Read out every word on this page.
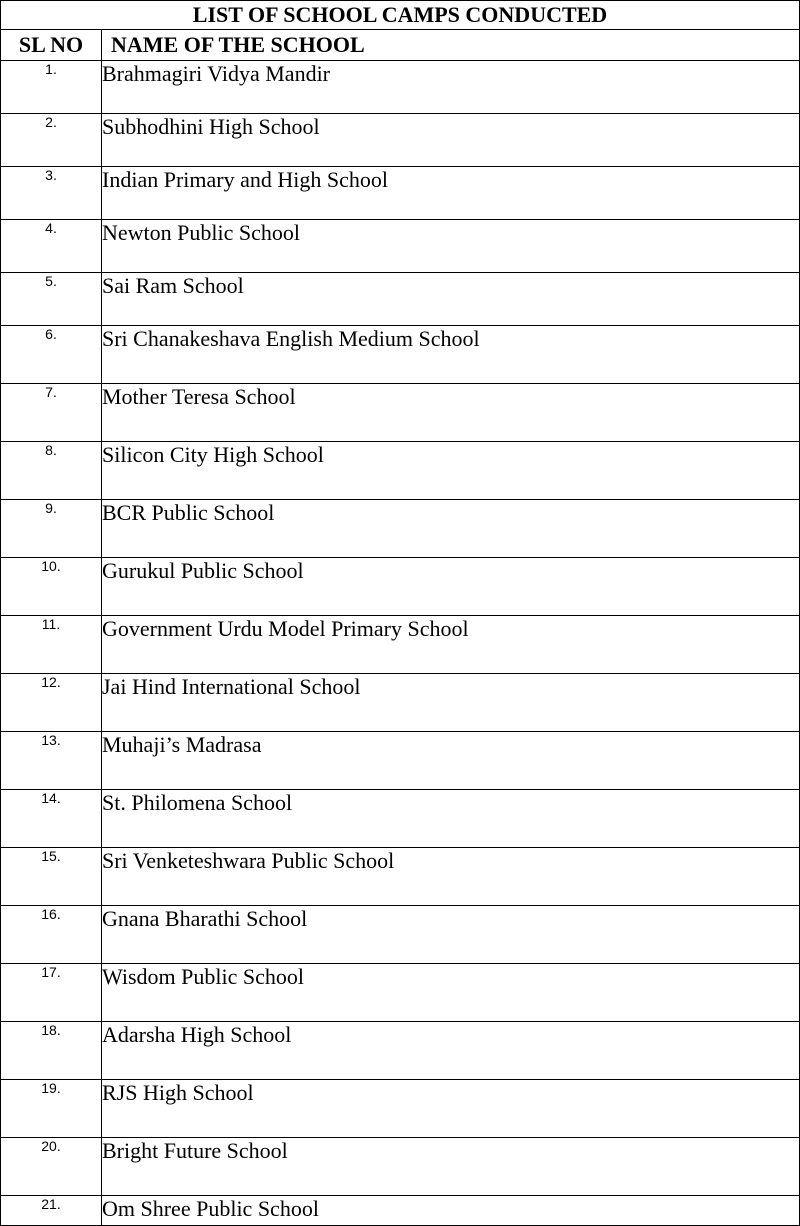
LIST OF SCHOOL CAMPS CONDUCTED	
SL NO	NAME OF THE SCHOOL
1.	Brahmagiri Vidya Mandir
2.	Subhodhini High School
3.	Indian Primary and High School
4.	Newton Public School
5.	Sai Ram School
6.	Sri Chanakeshava English Medium School
7.	Mother Teresa School
8.	Silicon City High School
9.	BCR Public School
10.	Gurukul Public School
11.	Government Urdu Model Primary School
12.	Jai Hind International School
13.	Muhaji’s Madrasa
14.	St. Philomena School
15.	Sri Venketeshwara Public School
16.	Gnana Bharathi School
17.	Wisdom Public School
18.	Adarsha High School
19.	RJS High School
20.	Bright Future School
21.	Om Shree Public School
